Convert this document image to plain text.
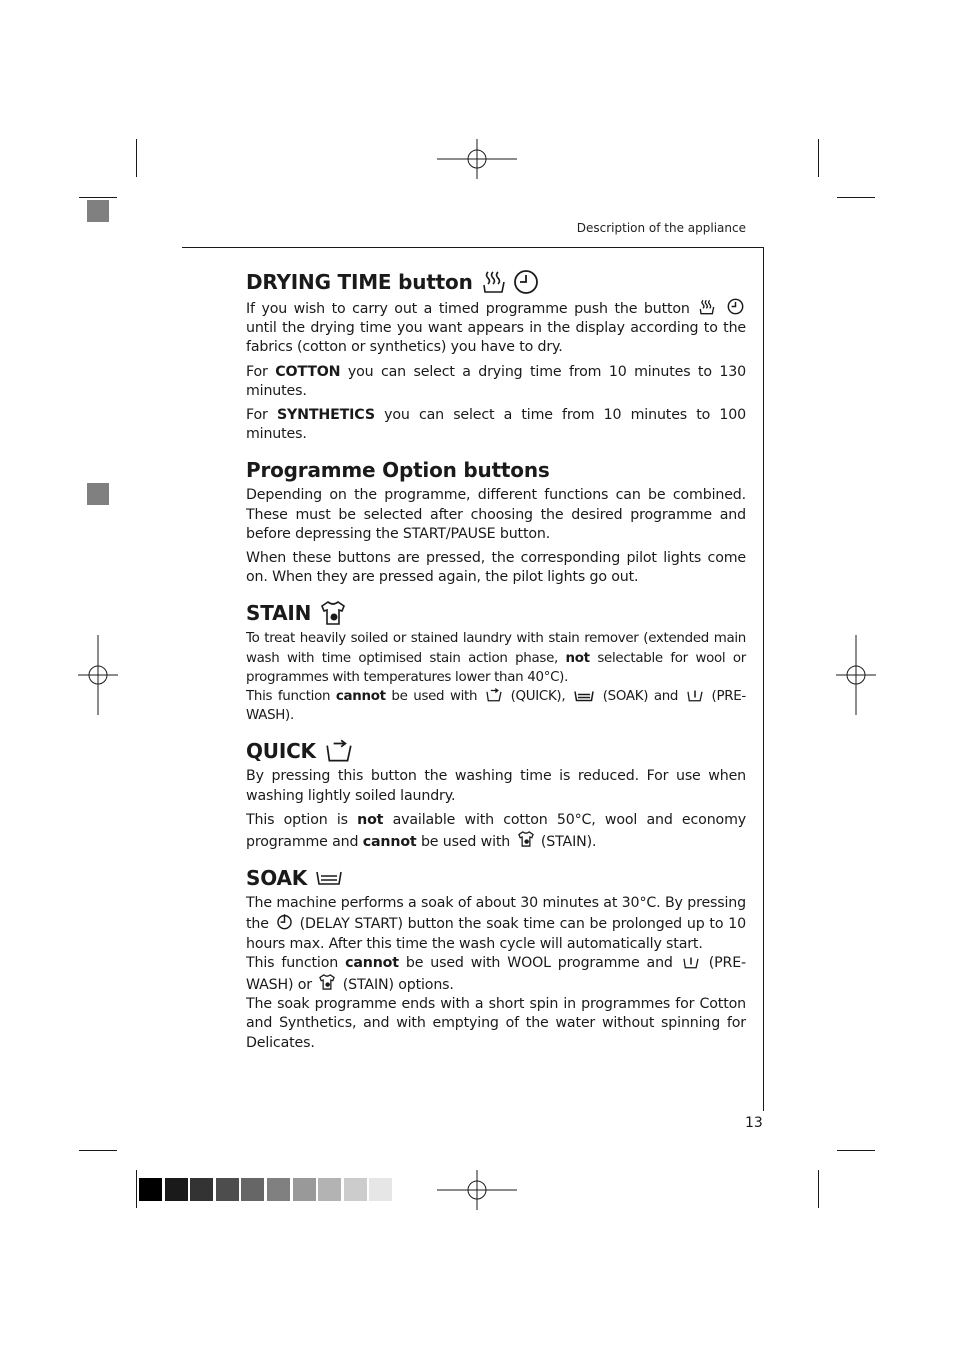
Description of the appliance
13
DRYING TIME button

If you wish to carry out a timed programme push the button   until the drying time you want appears in the display according to the fabrics (cotton or synthetics) you have to dry.

For COTTON you can select a drying time from 10 minutes to 130 minutes.

For SYNTHETICS you can select a time from 10 minutes to 100 minutes.

Programme Option buttons

Depending on the programme, different functions can be combined. These must be selected after choosing the desired programme and before depressing the START/PAUSE button.

When these buttons are pressed, the corresponding pilot lights come on. When they are pressed again, the pilot lights go out.

STAIN

To treat heavily soiled or stained laundry with stain remover (extended main wash with time optimised stain action phase, not selectable for wool or programmes with temperatures lower than 40°C).

This function cannot be used with (QUICK),	(SOAK) and (PRE-WASH).

QUICK

By pressing this button the washing time is reduced. For use when washing lightly soiled laundry.

This option is not available with cotton 50°C, wool and economy programme and cannot be used with (STAIN).

SOAK

The machine performs a soak of about 30 minutes at 30°C. By pressing the (DELAY START) button the soak time can be prolonged up to 10 hours max. After this time the wash cycle will automatically start.

This function cannot be used with WOOL programme and	(PRE-WASH) or (STAIN) options.

The soak programme ends with a short spin in programmes for Cotton and Synthetics, and with emptying of the water without spinning for Delicates.
